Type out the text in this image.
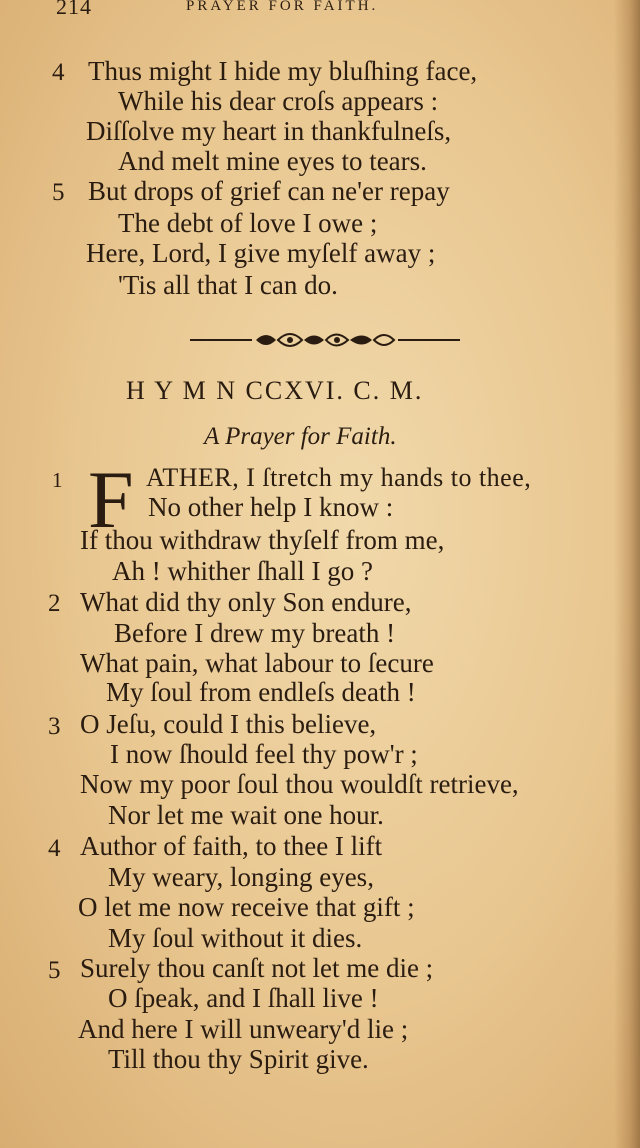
214	PRAYER FOR FAITH.
4 Thus might I hide my bluſhing face,
While his dear croſs appears :
Diſſolve my heart in thankfulneſs,
And melt mine eyes to tears.
5 But drops of grief can ne'er repay
The debt of love I owe ;
Here, Lord, I give myſelf away ;
'Tis all that I can do.
H Y M N CCXVI. C. M.
A Prayer for Faith.
1 F ATHER, I ſtretch my hands to thee,
No other help I know :
If thou withdraw thyſelf from me,
Ah ! whither ſhall I go ?
2 What did thy only Son endure,
Before I drew my breath !
What pain, what labour to ſecure
My ſoul from endleſs death !
3 O Jeſu, could I this believe,
I now ſhould feel thy pow'r ;
Now my poor ſoul thou wouldſt retrieve,
Nor let me wait one hour.
4 Author of faith, to thee I lift
My weary, longing eyes,
O let me now receive that gift ;
My ſoul without it dies.
5 Surely thou canſt not let me die ;
O ſpeak, and I ſhall live !
And here I will unweary'd lie ;
Till thou thy Spirit give.
